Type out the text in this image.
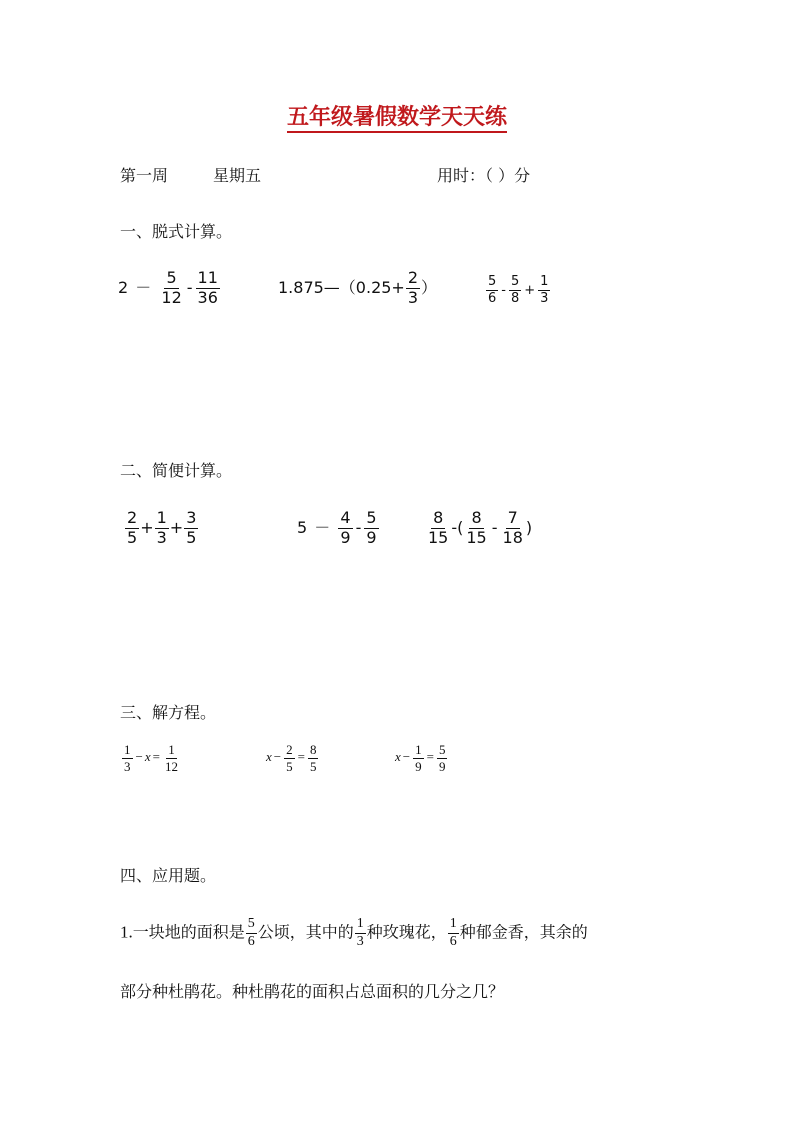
五年级暑假数学天天练
第一周	星期五	用时：（ ）分
一、脱式计算。
$2 - \frac{5}{12} - \frac{11}{36}$	1.875—（0.25+ $\frac{2}{3}$ ）	$\frac{5}{6} - \frac{5}{8} + \frac{1}{3}$
二、简便计算。
$\frac{2}{5} + \frac{1}{3} + \frac{3}{5}$	$5 - \frac{4}{9} - \frac{5}{9}$	$\frac{8}{15}$ -( $\frac{8}{15} - \frac{7}{18}$ )
三、解方程。
$\frac{1}{3} - x = \frac{1}{12}$	$x - \frac{2}{5} = \frac{8}{5}$	$x - \frac{1}{9} = \frac{5}{9}$
四、应用题。
1.一块地的面积是 $\frac{5}{6}$ 公顷，其中的 $\frac{1}{3}$ 种玫瑰花， $\frac{1}{6}$ 种郁金香，其余的
部分种杜鹃花。种杜鹃花的面积占总面积的几分之几？
